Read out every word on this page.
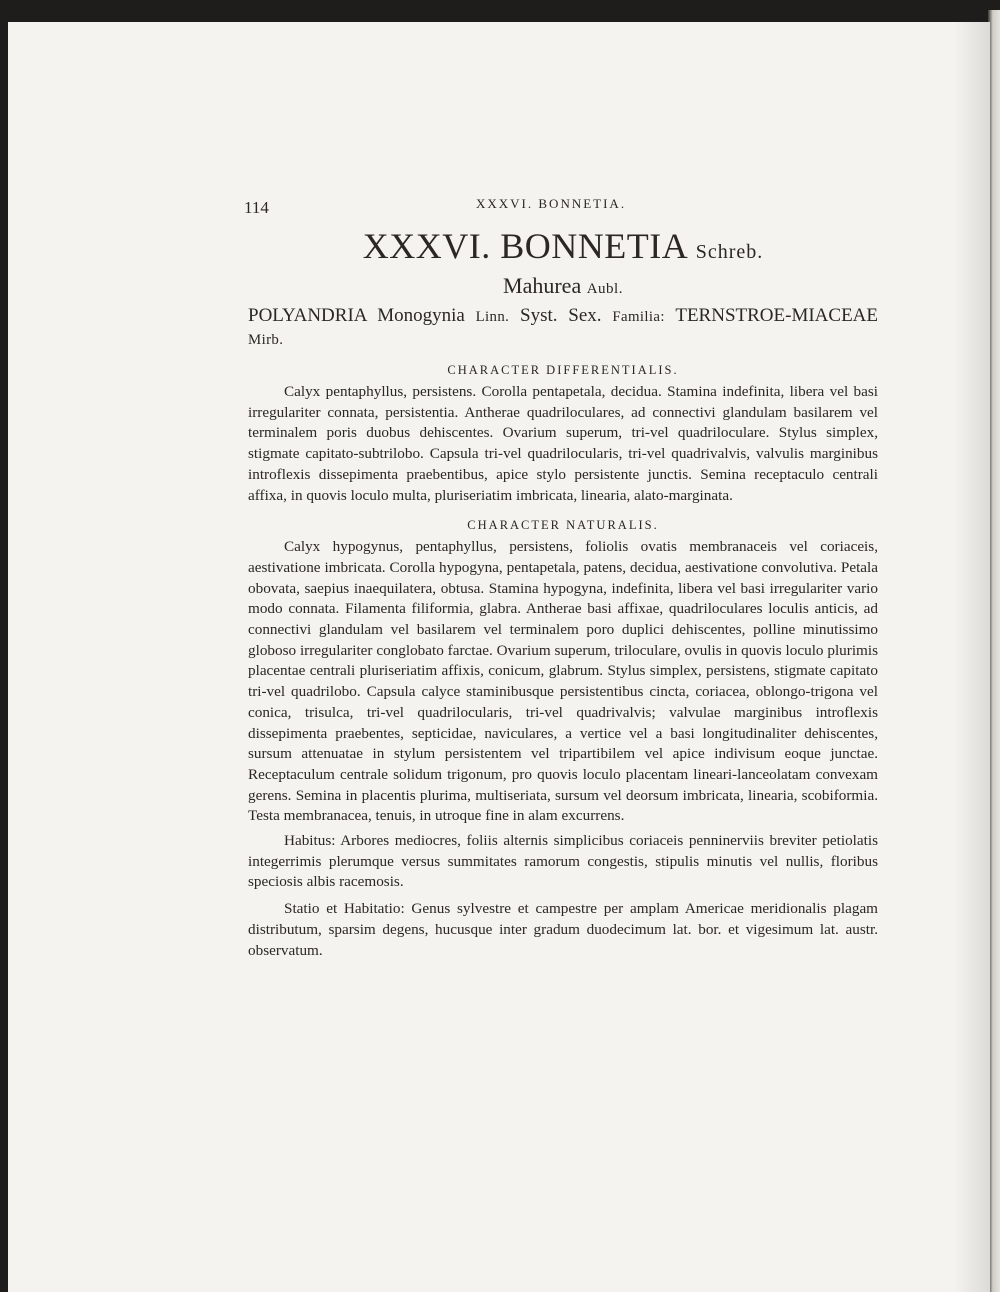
114	XXXVI. BONNETIA.
XXXVI. BONNETIA Schreb.
Mahurea Aubl.
POLYANDRIA Monogynia Linn. Syst. Sex. Familia: TERNSTROE-MIACEAE Mirb.
CHARACTER DIFFERENTIALIS.

Calyx pentaphyllus, persistens. Corolla pentapetala, decidua. Stamina indefinita, libera vel basi irregulariter connata, persistentia. Antherae quadriloculares, ad connectivi glandulam basilarem vel terminalem poris duobus dehiscentes. Ovarium superum, tri-vel quadriloculare. Stylus simplex, stigmate capitato-subtrilobo. Capsula tri-vel quadrilocularis, tri-vel quadrivalvis, valvulis marginibus introflexis dissepimenta praebentibus, apice stylo persistente junctis. Semina receptaculo centrali affixa, in quovis loculo multa, pluriseriatim imbricata, linearia, alato-marginata.

CHARACTER NATURALIS.

Calyx hypogynus, pentaphyllus, persistens, foliolis ovatis membranaceis vel coriaceis, aestivatione imbricata. Corolla hypogyna, pentapetala, patens, decidua, aestivatione convolutiva. Petala obovata, saepius inaequilatera, obtusa. Stamina hypogyna, indefinita, libera vel basi irregulariter vario modo connata. Filamenta filiformia, glabra. Antherae basi affixae, quadriloculares loculis anticis, ad connectivi glandulam vel basilarem vel terminalem poro duplici dehiscentes, polline minutissimo globoso irregulariter conglobato farctae. Ovarium superum, triloculare, ovulis in quovis loculo plurimis placentae centrali pluriseriatim affixis, conicum, glabrum. Stylus simplex, persistens, stigmate capitato tri-vel quadrilobo. Capsula calyce staminibusque persistentibus cincta, coriacea, oblongo-trigona vel conica, trisulca, tri-vel quadrilocularis, tri-vel quadrivalvis; valvulae marginibus introflexis dissepimenta praebentes, septicidae, naviculares, a vertice vel a basi longitudinaliter dehiscentes, sursum attenuatae in stylum persistentem vel tripartibilem vel apice indivisum eoque junctae. Receptaculum centrale solidum trigonum, pro quovis loculo placentam lineari-lanceolatam convexam gerens. Semina in placentis plurima, multiseriata, sursum vel deorsum imbricata, linearia, scobiformia. Testa membranacea, tenuis, in utroque fine in alam excurrens.

Habitus: Arbores mediocres, foliis alternis simplicibus coriaceis penninerviis breviter petiolatis integerrimis plerumque versus summitates ramorum congestis, stipulis minutis vel nullis, floribus speciosis albis racemosis.

Statio et Habitatio: Genus sylvestre et campestre per amplam Americae meridionalis plagam distributum, sparsim degens, hucusque inter gradum duodecimum lat. bor. et vigesimum lat. austr. observatum.
